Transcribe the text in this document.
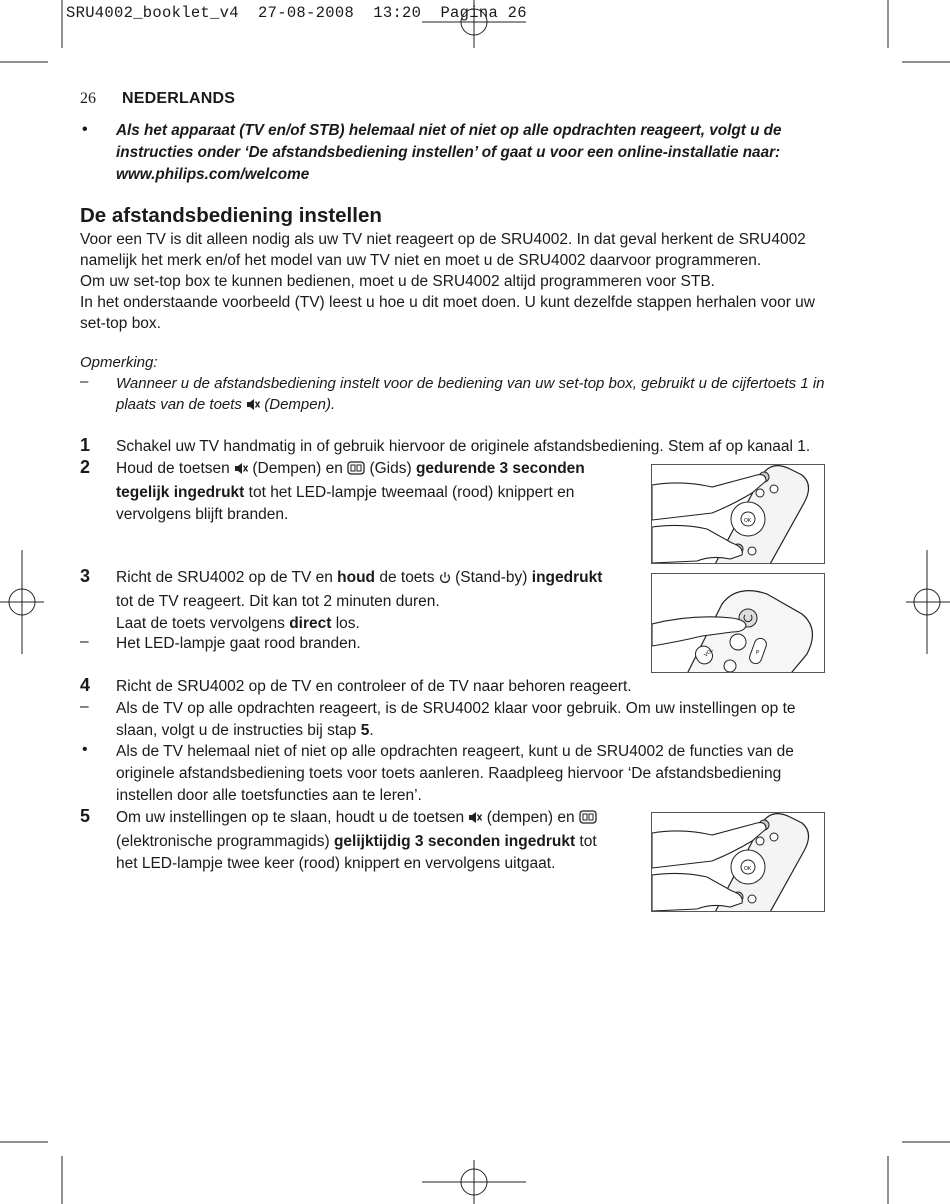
SRU4002_booklet_v4  27-08-2008  13:20  Pagina 26
26 NEDERLANDS
• Als het apparaat (TV en/of STB) helemaal niet of niet op alle opdrachten reageert, volgt u de instructies onder ‘De afstandsbediening instellen’ of gaat u voor een online-installatie naar: www.philips.com/welcome
De afstandsbediening instellen
Voor een TV is dit alleen nodig als uw TV niet reageert op de SRU4002. In dat geval herkent de SRU4002 namelijk het merk en/of het model van uw TV niet en moet u de SRU4002 daarvoor programmeren.
Om uw set-top box te kunnen bedienen, moet u de SRU4002 altijd programmeren voor STB.
In het onderstaande voorbeeld (TV) leest u hoe u dit moet doen. U kunt dezelfde stappen herhalen voor uw set-top box.
Opmerking:
– Wanneer u de afstandsbediening instelt voor de bediening van uw set-top box, gebruikt u de cijfertoets 1 in plaats van de toets  (Dempen).
1 Schakel uw TV handmatig in of gebruik hiervoor de originele afstandsbediening. Stem af op kanaal 1.
2 Houd de toetsen  (Dempen) en  (Gids) gedurende 3 seconden tegelijk ingedrukt tot het LED-lampje tweemaal (rood) knippert en vervolgens blijft branden.	OK
3 Richt de SRU4002 op de TV en houd de toets  (Stand-by) ingedrukt tot de TV reageert. Dit kan tot 2 minuten duren.
Laat de toets vervolgens direct los.
– Het LED-lampje gaat rood branden.
VOL	P
4 Richt de SRU4002 op de TV en controleer of de TV naar behoren reageert.
– Als de TV op alle opdrachten reageert, is de SRU4002 klaar voor gebruik. Om uw instellingen op te slaan, volgt u de instructies bij stap 5.
• Als de TV helemaal niet of niet op alle opdrachten reageert, kunt u de SRU4002 de functies van de originele afstandsbediening toets voor toets aanleren. Raadpleeg hiervoor ‘De afstandsbediening instellen door alle toetsfuncties aan te leren’.
5 Om uw instellingen op te slaan, houdt u de toetsen  (dempen) en  (elektronische programmagids) gelijktijdig 3 seconden ingedrukt tot het LED-lampje twee keer (rood) knippert en vervolgens uitgaat.	OK
